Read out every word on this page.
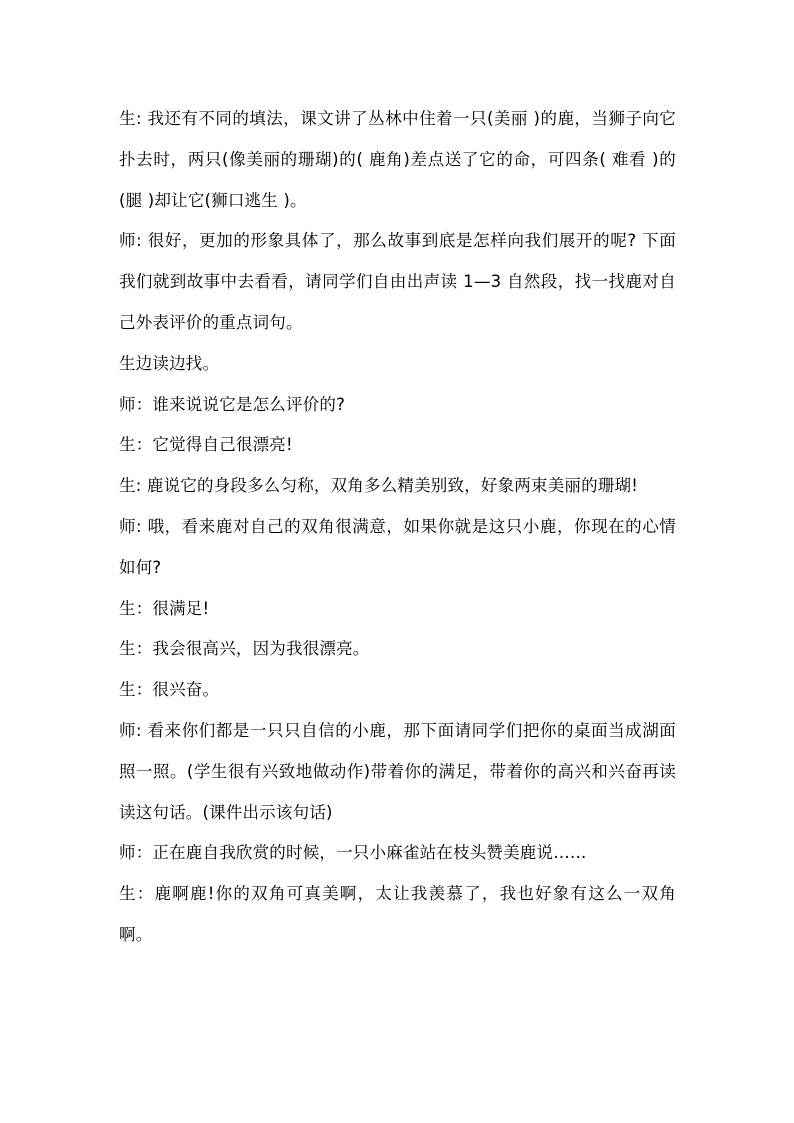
生: 我还有不同的填法，课文讲了丛林中住着一只(美丽 )的鹿，当狮子向它扑去时，两只(像美丽的珊瑚)的( 鹿角)差点送了它的命，可四条( 难看 )的(腿 )却让它(狮口逃生 )。

师: 很好，更加的形象具体了，那么故事到底是怎样向我们展开的呢? 下面我们就到故事中去看看，请同学们自由出声读 1—3 自然段，找一找鹿对自己外表评价的重点词句。

生边读边找。

师：谁来说说它是怎么评价的?

生：它觉得自己很漂亮!

生: 鹿说它的身段多么匀称，双角多么精美别致，好象两束美丽的珊瑚!

师: 哦，看来鹿对自己的双角很满意，如果你就是这只小鹿，你现在的心情如何?

生：很满足!

生：我会很高兴，因为我很漂亮。

生：很兴奋。

师: 看来你们都是一只只自信的小鹿，那下面请同学们把你的桌面当成湖面照一照。(学生很有兴致地做动作)带着你的满足，带着你的高兴和兴奋再读读这句话。(课件出示该句话)

师：正在鹿自我欣赏的时候，一只小麻雀站在枝头赞美鹿说……

生：鹿啊鹿!你的双角可真美啊，太让我羡慕了，我也好象有这么一双角啊。
